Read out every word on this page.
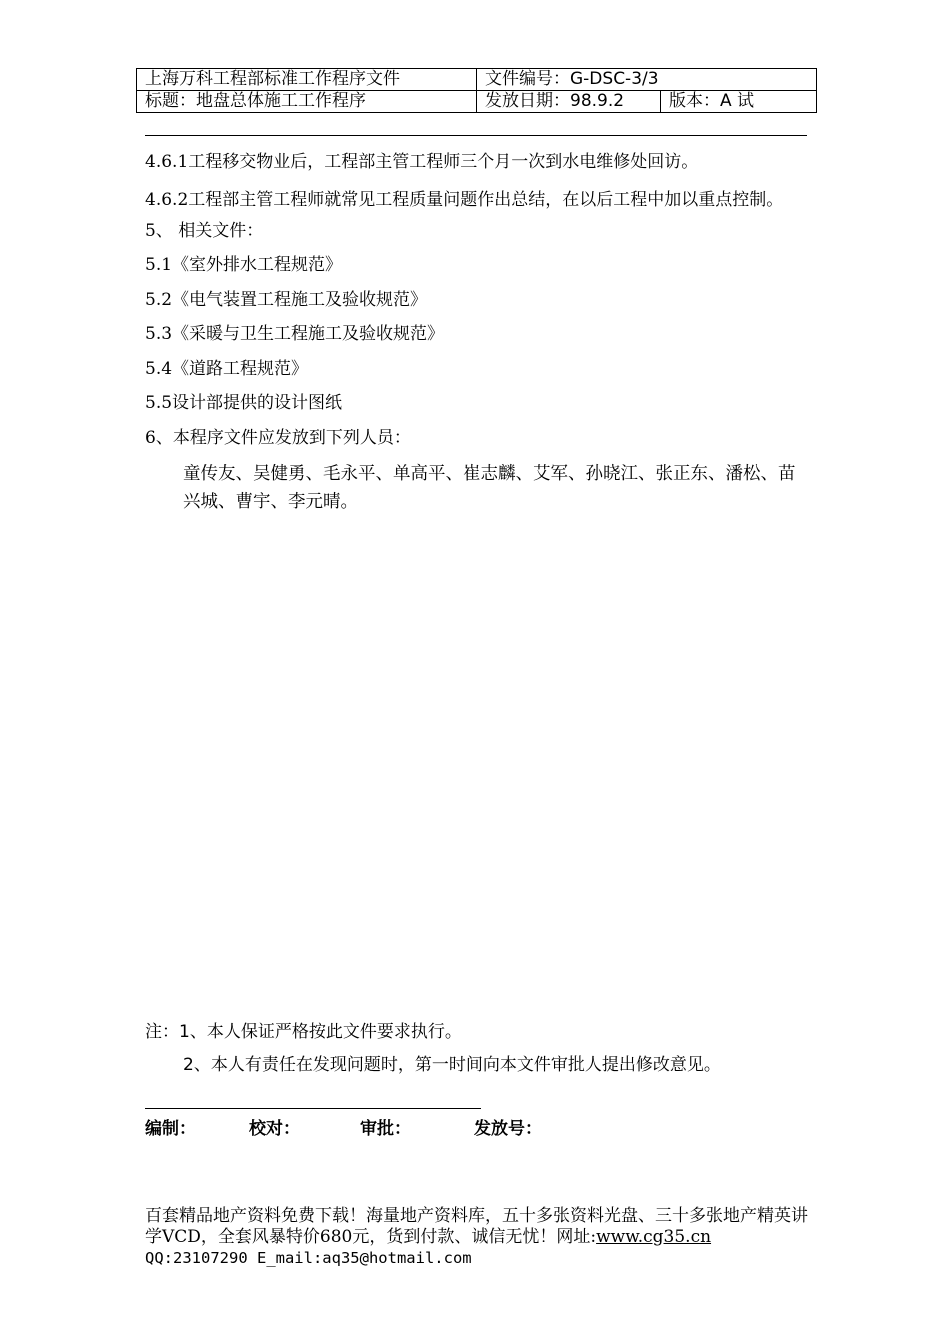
上海万科工程部标准工作程序文件	文件编号：G-DSC-3/3	
标题：地盘总体施工工作程序	发放日期：98.9.2	版本：A 试
4.6.1工程移交物业后，工程部主管工程师三个月一次到水电维修处回访。
4.6.2工程部主管工程师就常见工程质量问题作出总结，在以后工程中加以重点控制。
5、 相关文件：
5.1《室外排水工程规范》
5.2《电气装置工程施工及验收规范》
5.3《采暖与卫生工程施工及验收规范》
5.4《道路工程规范》
5.5设计部提供的设计图纸
6、本程序文件应发放到下列人员：
童传友、吴健勇、毛永平、单高平、崔志麟、艾军、孙晓江、张正东、潘松、苗兴城、曹宇、李元晴。
注：1、本人保证严格按此文件要求执行。
2、本人有责任在发现问题时，第一时间向本文件审批人提出修改意见。
编制：	校对：	审批：	发放号：
百套精品地产资料免费下载！海量地产资料库，五十多张资料光盘、三十多张地产精英讲学VCD，全套风暴特价680元，货到付款、诚信无忧！网址:www.cg35.cn
QQ:23107290 E_mail:aq35@hotmail.com
